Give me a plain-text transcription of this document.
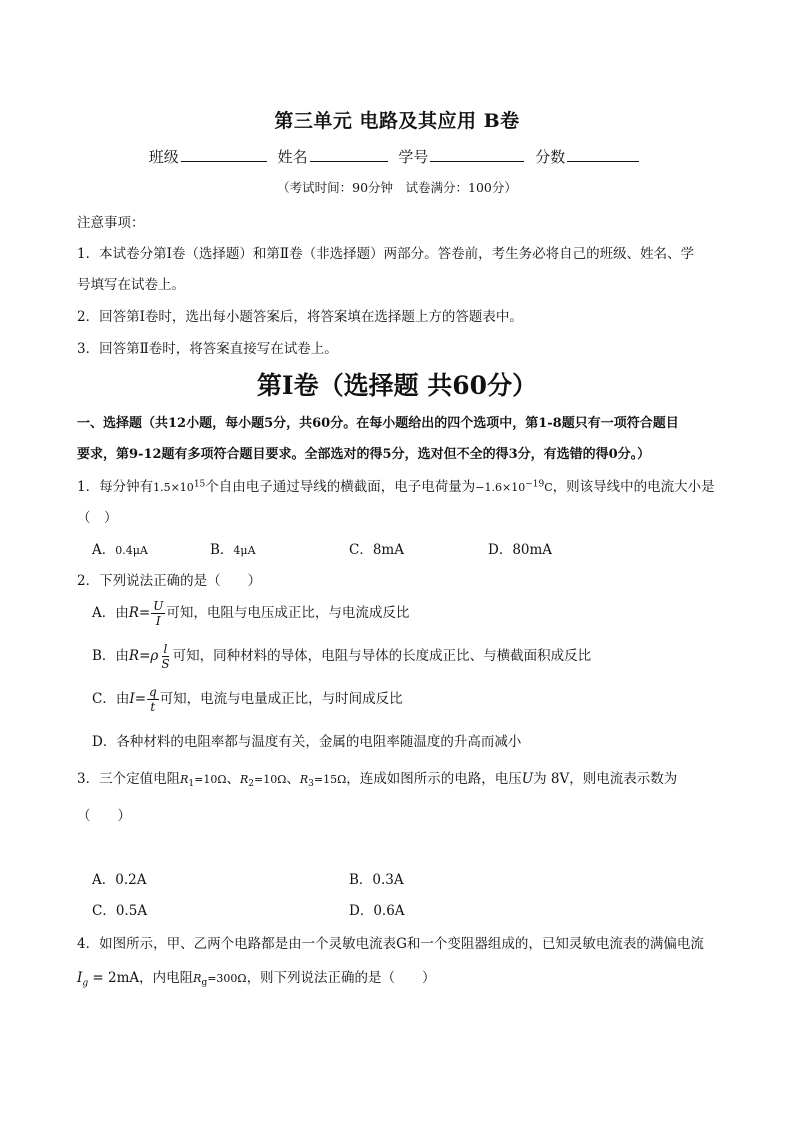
第三单元 电路及其应用 B卷
班级	姓名	学号	分数
（考试时间：90分钟　试卷满分：100分）
注意事项：
1．本试卷分第Ⅰ卷（选择题）和第Ⅱ卷（非选择题）两部分。答卷前，考生务必将自己的班级、姓名、学
号填写在试卷上。
2．回答第Ⅰ卷时，选出每小题答案后，将答案填在选择题上方的答题表中。
3．回答第Ⅱ卷时，将答案直接写在试卷上。
第Ⅰ卷（选择题 共60分）
一、选择题（共12小题，每小题5分，共60分。在每小题给出的四个选项中，第1-8题只有一项符合题目
要求，第9-12题有多项符合题目要求。全部选对的得5分，选对但不全的得3分，有选错的得0分。）
1．每分钟有$1.5\times 10^{15}$个自由电子通过导线的横截面，电子电荷量为$-1.6\times 10^{-19}C$，则该导线中的电流大小是
（　）
A．0.4μA	B．4μA	C．8mA	D．80mA
2．下列说法正确的是（　　）
A．由$R= \frac{U}{I}$ 可知，电阻与电压成正比，与电流成反比
B．由$R=\rho \frac{l}{S}$ 可知，同种材料的导体，电阻与导体的长度成正比、与横截面积成反比
C．由$I= \frac{q}{t}$ 可知，电流与电量成正比，与时间成反比
D．各种材料的电阻率都与温度有关，金属的电阻率随温度的升高而减小
3．三个定值电阻$R_1=10\Omega$、$R_2=10\Omega$、$R_3=15\Omega$，连成如图所示的电路，电压U为 8V，则电流表示数为
（　　）
A．0.2A	B．0.3A
C．0.5A	D．0.6A
4．如图所示，甲、乙两个电路都是由一个灵敏电流表G和一个变阻器组成的，已知灵敏电流表的满偏电流
$I_g = 2mA$，内电阻$R_g=300\Omega$，则下列说法正确的是（　　）
